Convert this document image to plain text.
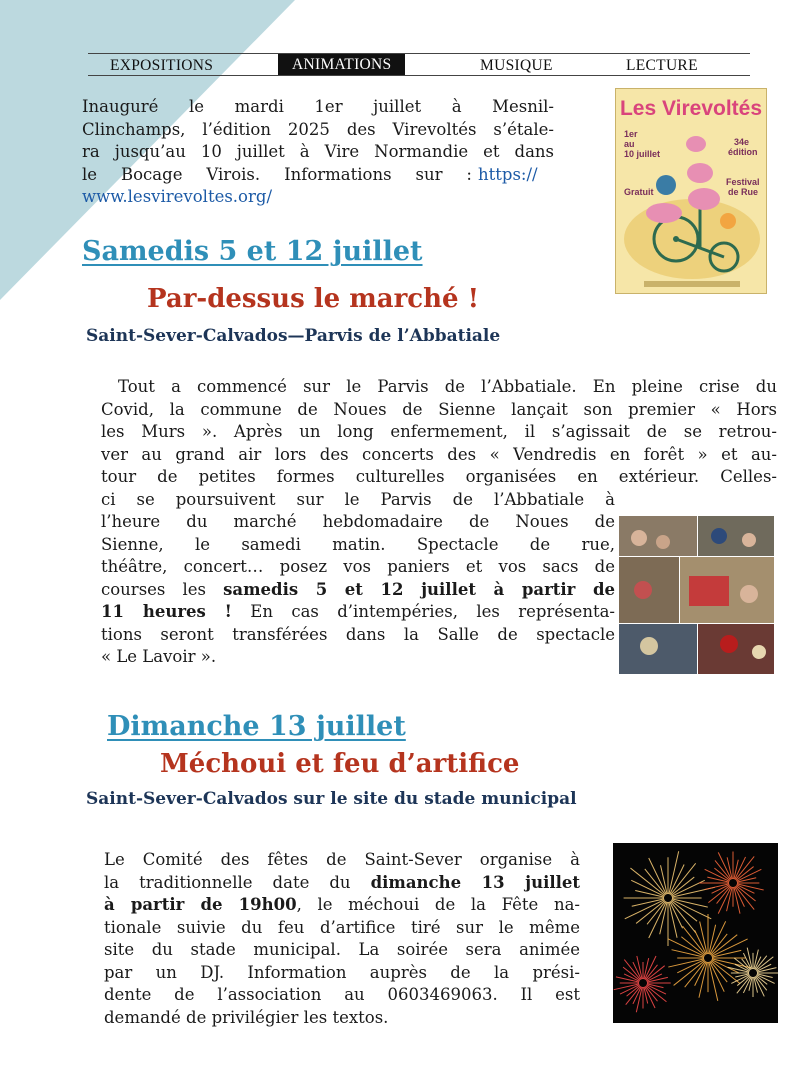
EXPOSITIONS	ANIMATIONS	MUSIQUE	LECTURE
Inauguré le mardi 1er juillet à Mesnil-
Clinchamps, l’édition 2025 des Virevoltés s’étale-
ra jusqu’au 10 juillet à Vire Normandie et dans
le Bocage Virois. Informations sur : https://
www.lesvirevoltes.org/
Les Virevoltés
1er
au
10 juillet
34e
édition
Gratuit
Festival
de Rue
Samedis 5 et 12 juillet
Par-dessus le marché !
Saint-Sever-Calvados—Parvis de l’Abbatiale
Tout a commencé sur le Parvis de l’Abbatiale. En pleine crise du
Covid, la commune de Noues de Sienne lançait son premier « Hors
les Murs ». Après un long enfermement, il s’agissait de se retrou-
ver au grand air lors des concerts des « Vendredis en forêt » et au-
tour de petites formes culturelles organisées en extérieur. Celles-
ci se poursuivent sur le Parvis de l’Abbatiale à
l’heure du marché hebdomadaire de Noues de
Sienne, le samedi matin. Spectacle de rue,
théâtre, concert… posez vos paniers et vos sacs de
courses les samedis 5 et 12 juillet à partir de
11 heures ! En cas d’intempéries, les représenta-
tions seront transférées dans la Salle de spectacle
« Le Lavoir ».
Dimanche 13 juillet
Méchoui et feu d’artifice
Saint-Sever-Calvados sur le site du stade municipal
Le Comité des fêtes de Saint-Sever organise à
la traditionnelle date du dimanche 13 juillet
à partir de 19h00, le méchoui de la Fête na-
tionale suivie du feu d’artifice tiré sur le même
site du stade municipal. La soirée sera animée
par un DJ. Information auprès de la prési-
dente de l’association au 0603469063. Il est
demandé de privilégier les textos.
